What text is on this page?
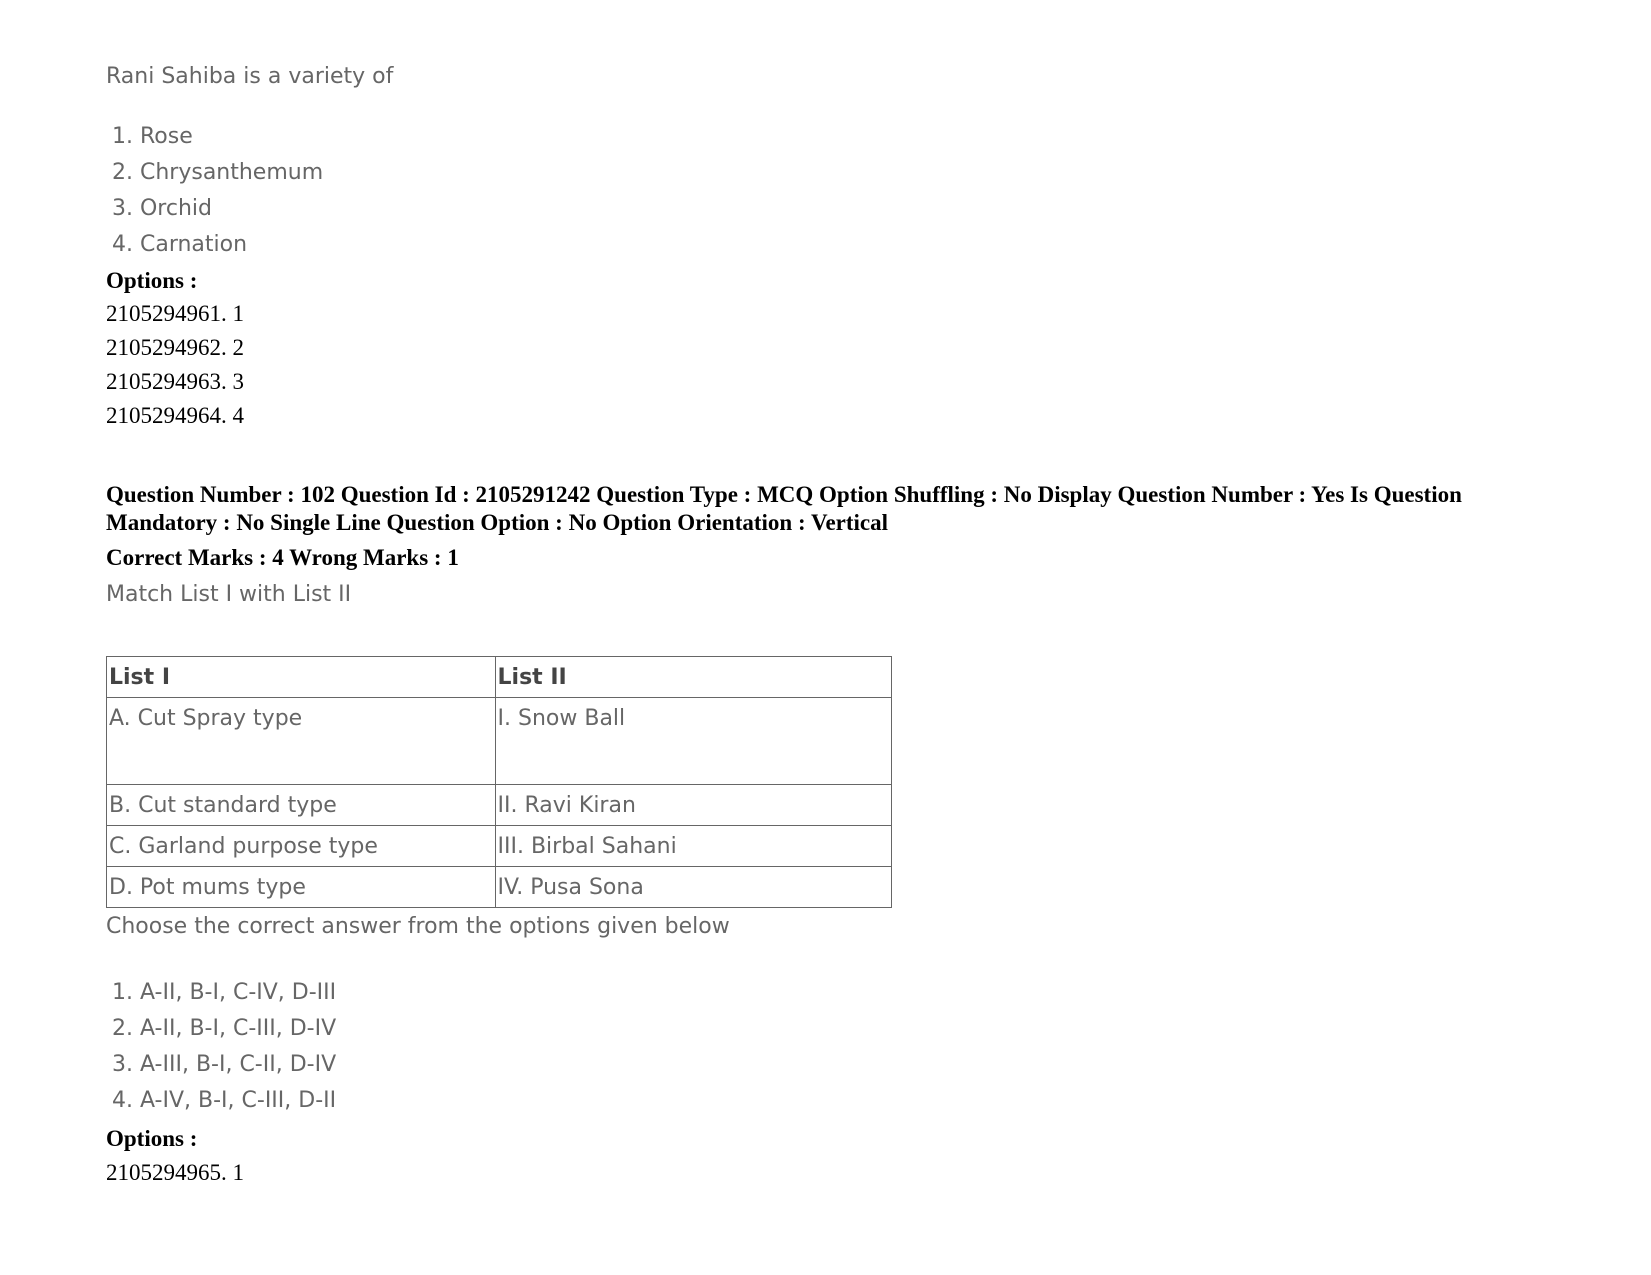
Rani Sahiba is a variety of
1. Rose
2. Chrysanthemum
3. Orchid
4. Carnation
Options :
2105294961. 1
2105294962. 2
2105294963. 3
2105294964. 4
Question Number : 102 Question Id : 2105291242 Question Type : MCQ Option Shuffling : No Display Question Number : Yes Is Question Mandatory : No Single Line Question Option : No Option Orientation : Vertical
Correct Marks : 4 Wrong Marks : 1
Match List I with List II
List I	List II
A. Cut Spray type	I. Snow Ball
B. Cut standard type	II. Ravi Kiran
C. Garland purpose type	III. Birbal Sahani
D. Pot mums type	IV. Pusa Sona
Choose the correct answer from the options given below
1. A-II, B-I, C-IV, D-III
2. A-II, B-I, C-III, D-IV
3. A-III, B-I, C-II, D-IV
4. A-IV, B-I, C-III, D-II
Options :
2105294965. 1
